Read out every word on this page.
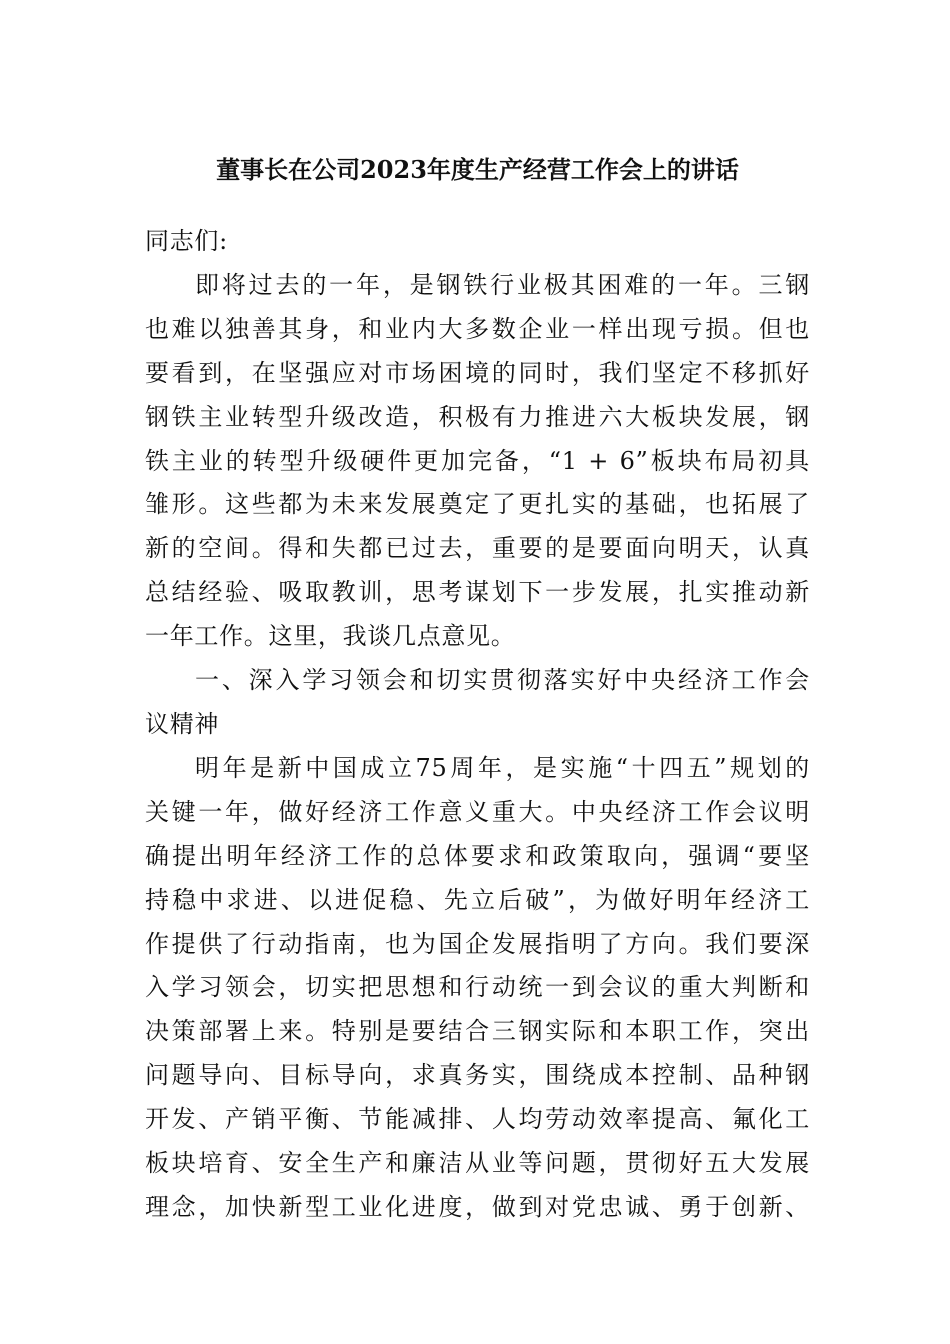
董事长在公司2023年度生产经营工作会上的讲话

同志们:

即将过去的一年，是钢铁行业极其困难的一年。三钢
也难以独善其身，和业内大多数企业一样出现亏损。但也
要看到，在坚强应对市场困境的同时，我们坚定不移抓好
钢铁主业转型升级改造，积极有力推进六大板块发展，钢
铁主业的转型升级硬件更加完备，“1 + 6”板块布局初具
雏形。这些都为未来发展奠定了更扎实的基础，也拓展了
新的空间。得和失都已过去，重要的是要面向明天，认真
总结经验、吸取教训，思考谋划下一步发展，扎实推动新
一年工作。这里，我谈几点意见。

一、深入学习领会和切实贯彻落实好中央经济工作会
议精神

明年是新中国成立75周年，是实施“十四五”规划的
关键一年，做好经济工作意义重大。中央经济工作会议明
确提出明年经济工作的总体要求和政策取向，强调“要坚
持稳中求进、以进促稳、先立后破”，为做好明年经济工
作提供了行动指南，也为国企发展指明了方向。我们要深
入学习领会，切实把思想和行动统一到会议的重大判断和
决策部署上来。特别是要结合三钢实际和本职工作，突出
问题导向、目标导向，求真务实，围绕成本控制、品种钢
开发、产销平衡、节能减排、人均劳动效率提高、氟化工
板块培育、安全生产和廉洁从业等问题，贯彻好五大发展
理念，加快新型工业化进度，做到对党忠诚、勇于创新、
